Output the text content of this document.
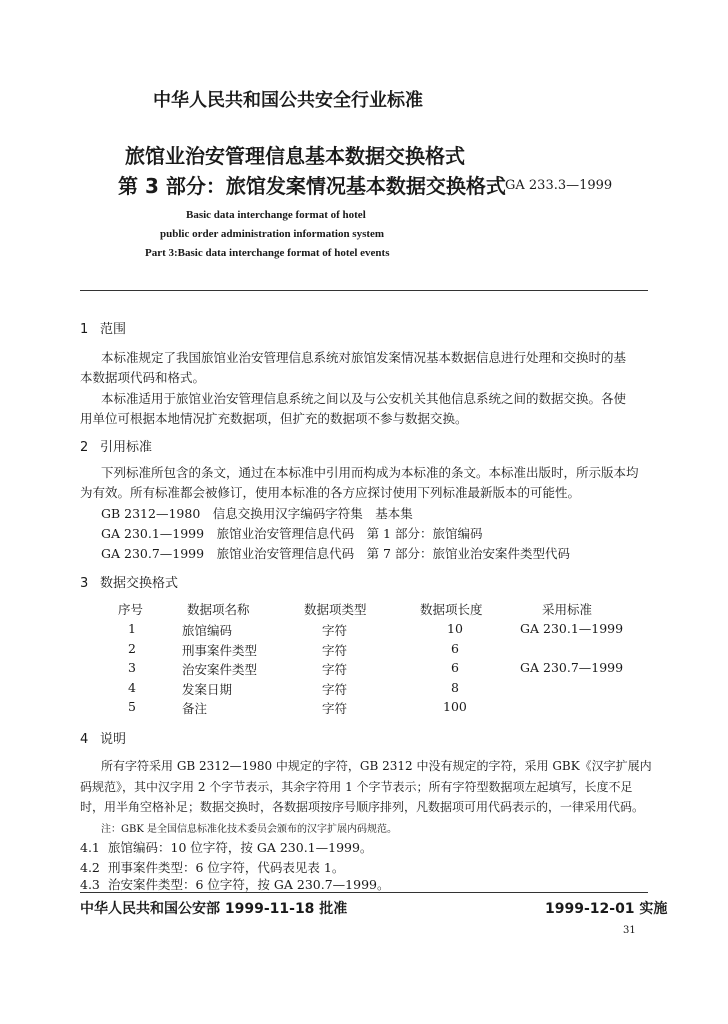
中华人民共和国公共安全行业标准
旅馆业治安管理信息基本数据交换格式
第 3 部分：旅馆发案情况基本数据交换格式 GA 233.3—1999
Basic data interchange format of hotel
public order administration information system
Part 3:Basic data interchange format of hotel events
1 范围
本标准规定了我国旅馆业治安管理信息系统对旅馆发案情况基本数据信息进行处理和交换时的基
本数据项代码和格式。
本标准适用于旅馆业治安管理信息系统之间以及与公安机关其他信息系统之间的数据交换。各使
用单位可根据本地情况扩充数据项，但扩充的数据项不参与数据交换。
2 引用标准
下列标准所包含的条文，通过在本标准中引用而构成为本标准的条文。本标准出版时，所示版本均
为有效。所有标准都会被修订，使用本标准的各方应探讨使用下列标准最新版本的可能性。
GB 2312—1980　信息交换用汉字编码字符集　基本集
GA 230.1—1999　旅馆业治安管理信息代码　第 1 部分：旅馆编码
GA 230.7—1999　旅馆业治安管理信息代码　第 7 部分：旅馆业治安案件类型代码
3 数据交换格式
序号	数据项名称	数据项类型	数据项长度	采用标准
1	旅馆编码	字符	10	GA 230.1—1999
2	刑事案件类型	字符	6
3	治安案件类型	字符	6	GA 230.7—1999
4	发案日期	字符	8
5	备注	字符	100
4 说明
所有字符采用 GB 2312—1980 中规定的字符，GB 2312 中没有规定的字符，采用 GBK《汉字扩展内
码规范》，其中汉字用 2 个字节表示，其余字符用 1 个字节表示；所有字符型数据项左起填写，长度不足
时，用半角空格补足；数据交换时，各数据项按序号顺序排列，凡数据项可用代码表示的，一律采用代码。
注：GBK 是全国信息标准化技术委员会颁布的汉字扩展内码规范。
4.1 旅馆编码：10 位字符，按 GA 230.1—1999。
4.2 刑事案件类型：6 位字符，代码表见表 1。
4.3 治安案件类型：6 位字符，按 GA 230.7—1999。
中华人民共和国公安部 1999-11-18 批准	1999-12-01 实施
31
